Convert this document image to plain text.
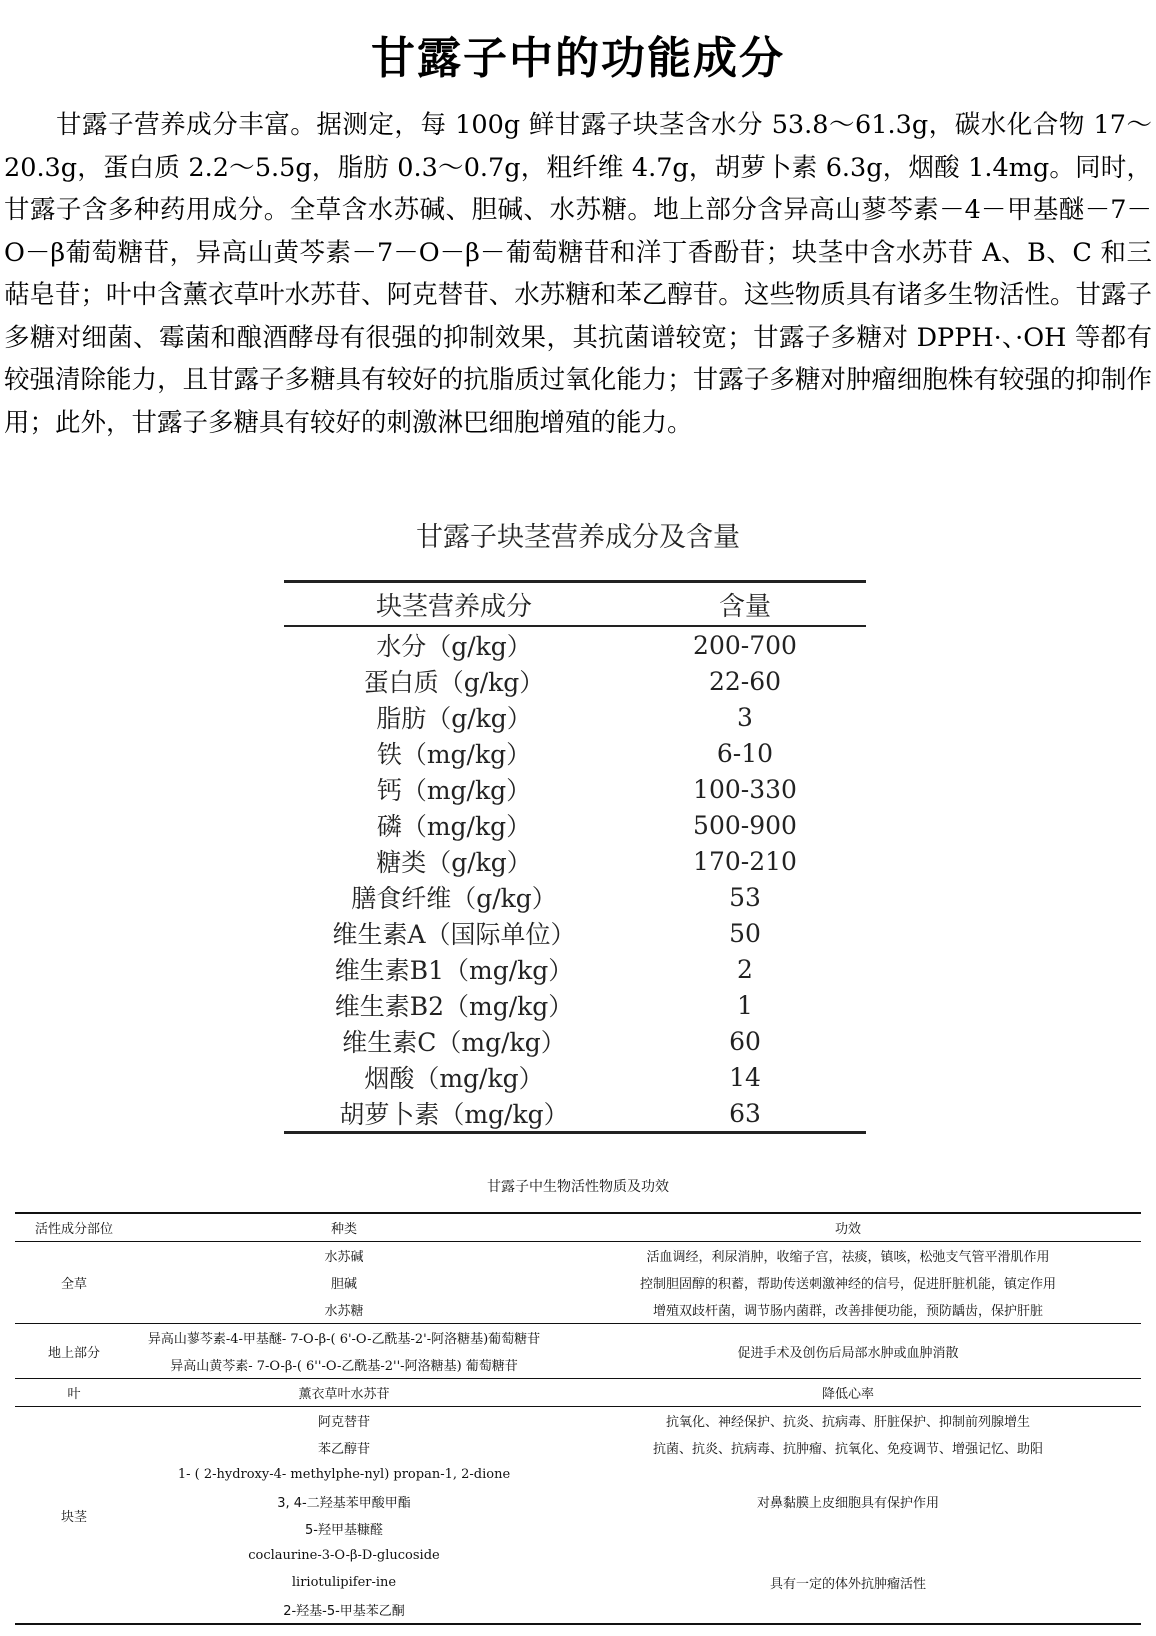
甘露子中的功能成分

甘露子营养成分丰富。据测定，每 100g 鲜甘露子块茎含水分 53.8～61.3g，碳水化合物 17～20.3g，蛋白质 2.2～5.5g，脂肪 0.3～0.7g，粗纤维 4.7g，胡萝卜素 6.3g，烟酸 1.4mg。同时，甘露子含多种药用成分。全草含水苏碱、胆碱、水苏糖。地上部分含异高山蓼芩素－4－甲基醚－7－O－β葡萄糖苷，异高山黄芩素－7－O－β－葡萄糖苷和洋丁香酚苷；块茎中含水苏苷 A、B、C 和三萜皂苷；叶中含薰衣草叶水苏苷、阿克替苷、水苏糖和苯乙醇苷。这些物质具有诸多生物活性。甘露子多糖对细菌、霉菌和酿酒酵母有很强的抑制效果，其抗菌谱较宽；甘露子多糖对 DPPH·、·OH 等都有较强清除能力，且甘露子多糖具有较好的抗脂质过氧化能力；甘露子多糖对肿瘤细胞株有较强的抑制作用；此外，甘露子多糖具有较好的刺激淋巴细胞增殖的能力。

甘露子块茎营养成分及含量
块茎营养成分	含量
水分（g/kg）	200-700
蛋白质（g/kg）	22-60
脂肪（g/kg）	3
铁（mg/kg）	6-10
钙（mg/kg）	100-330
磷（mg/kg）	500-900
糖类（g/kg）	170-210
膳食纤维（g/kg）	53
维生素A（国际单位）	50
维生素B1（mg/kg）	2
维生素B2（mg/kg）	1
维生素C（mg/kg）	60
烟酸（mg/kg）	14
胡萝卜素（mg/kg）	63
甘露子中生物活性物质及功效
活性成分部位	种类	功效
全草	水苏碱	活血调经，利尿消肿，收缩子宫，祛痰，镇咳，松弛支气管平滑肌作用
	胆碱	控制胆固醇的积蓄，帮助传送刺激神经的信号，促进肝脏机能，镇定作用
	水苏糖	增殖双歧杆菌，调节肠内菌群，改善排便功能，预防龋齿，保护肝脏
地上部分	异高山蓼芩素-4-甲基醚- 7-O-β-( 6'-O-乙酰基-2'-阿洛糖基)葡萄糖苷	促进手术及创伤后局部水肿或血肿消散
	异高山黄芩素- 7-O-β-( 6''-O-乙酰基-2''-阿洛糖基) 葡萄糖苷	
叶	薰衣草叶水苏苷	降低心率
块茎	阿克替苷	抗氧化、神经保护、抗炎、抗病毒、肝脏保护、抑制前列腺增生
	苯乙醇苷	抗菌、抗炎、抗病毒、抗肿瘤、抗氧化、免疫调节、增强记忆、助阳
	1- ( 2-hydroxy-4- methylphe-nyl) propan-1, 2-dione	对鼻黏膜上皮细胞具有保护作用
	3, 4-二羟基苯甲酸甲酯	
	5-羟甲基糠醛	
	coclaurine-3-O-β-D-glucoside	具有一定的体外抗肿瘤活性
	liriotulipifer-ine	
	2-羟基-5-甲基苯乙酮	
